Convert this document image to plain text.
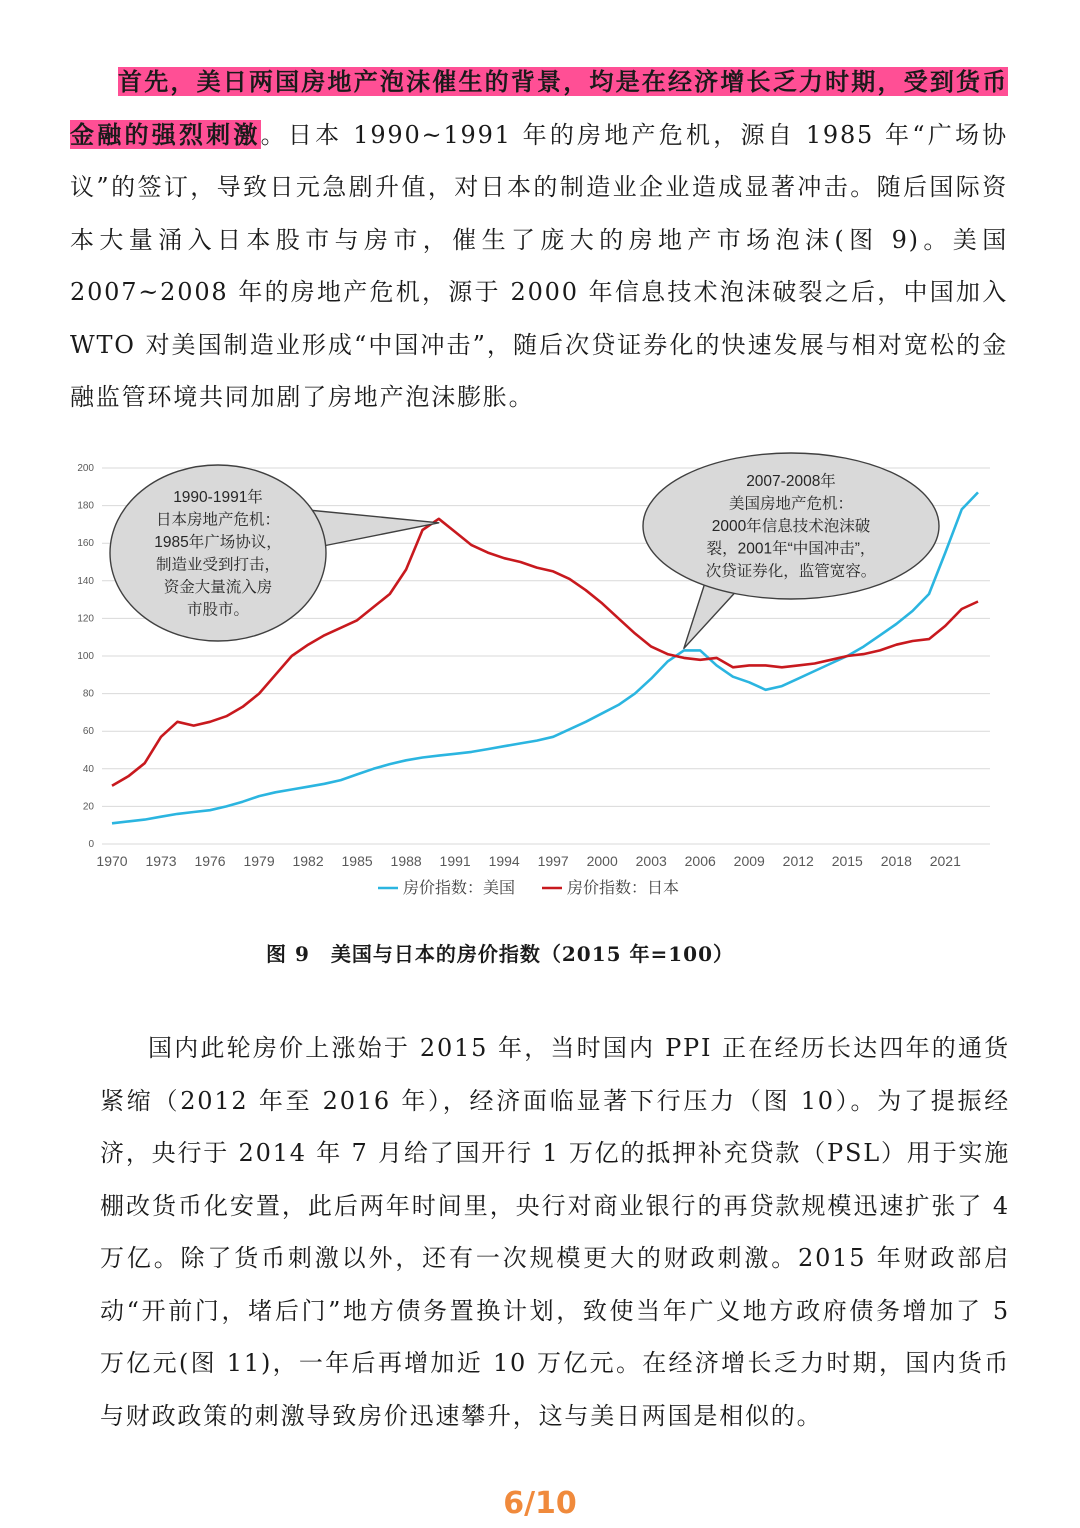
首先，美日两国房地产泡沫催生的背景，均是在经济增长乏力时期，受到货币金融的强烈刺激。日本 1990~1991 年的房地产危机，源自 1985 年“广场协议”的签订，导致日元急剧升值，对日本的制造业企业造成显著冲击。随后国际资本大量涌入日本股市与房市，催生了庞大的房地产市场泡沫(图 9)。美国 2007~2008 年的房地产危机，源于 2000 年信息技术泡沫破裂之后，中国加入 WTO 对美国制造业形成“中国冲击”，随后次贷证券化的快速发展与相对宽松的金融监管环境共同加剧了房地产泡沫膨胀。

0
20
40
60
80
100
120
140
160
180
200
1970 1973 1976 1979 1982 1985 1988 1991 1994 1997 2000 2003 2006 2009 2012 2015 2018 2021
1990-1991年
日本房地产危机：
1985年广场协议，
制造业受到打击，
资金大量流入房
市股市。
2007-2008年
美国房地产危机：
2000年信息技术泡沫破
裂，2001年“中国冲击”，
次贷证券化，监管宽容。
房价指数：美国	房价指数：日本
图 9　美国与日本的房价指数（2015 年=100）

国内此轮房价上涨始于 2015 年，当时国内 PPI 正在经历长达四年的通货紧缩（2012 年至 2016 年），经济面临显著下行压力（图 10）。为了提振经济，央行于 2014 年 7 月给了国开行 1 万亿的抵押补充贷款（PSL）用于实施棚改货币化安置，此后两年时间里，央行对商业银行的再贷款规模迅速扩张了 4 万亿。除了货币刺激以外，还有一次规模更大的财政刺激。2015 年财政部启动“开前门，堵后门”地方债务置换计划，致使当年广义地方政府债务增加了 5 万亿元(图 11)，一年后再增加近 10 万亿元。在经济增长乏力时期，国内货币与财政政策的刺激导致房价迅速攀升，这与美日两国是相似的。

6/10
